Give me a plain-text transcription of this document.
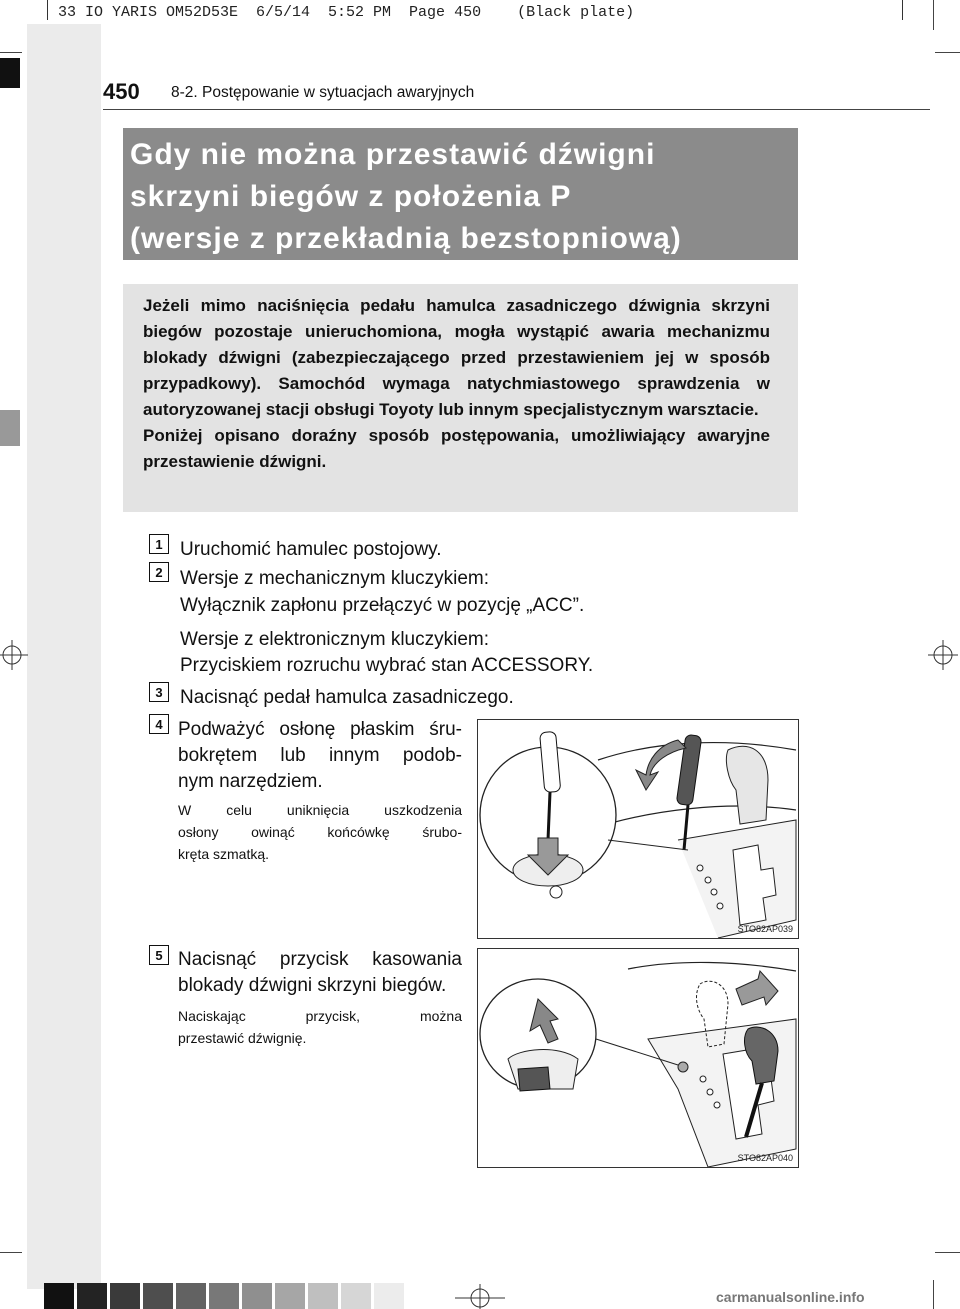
33 IO YARIS OM52D53E  6/5/14  5:52 PM  Page 450    (Black plate)
450 8-2. Postępowanie w sytuacjach awaryjnych
Gdy nie można przestawić dźwigni
skrzyni biegów z położenia P
(wersje z przekładnią bezstopniową)

Jeżeli mimo naciśnięcia pedału hamulca zasadniczego dźwignia skrzyni biegów pozostaje unieruchomiona, mogła wystąpić awaria mechanizmu blokady dźwigni (zabezpieczającego przed przestawieniem jej w sposób przypadkowy). Samochód wymaga natychmiastowego sprawdzenia w autoryzowanej stacji obsługi Toyoty lub innym specjalistycznym warsztacie.

Poniżej opisano doraźny sposób postępowania, umożliwiający awaryjne przestawienie dźwigni.

1 Uruchomić hamulec postojowy.
2 Wersje z mechanicznym kluczykiem:
Wyłącznik zapłonu przełączyć w pozycję „ACC”.
Wersje z elektronicznym kluczykiem:
Przyciskiem rozruchu wybrać stan ACCESSORY.
3 Nacisnąć pedał hamulca zasadniczego.
4 Podważyć osłonę płaskim śru-
bokrętem lub innym podob-
nym narzędziem.
W celu uniknięcia uszkodzenia
osłony owinąć końcówkę śrubo-
kręta szmatką.
STO82AP039
5 Nacisnąć przycisk kasowania
blokady dźwigni skrzyni biegów.
Naciskając przycisk, można
przestawić dźwignię.
STO82AP040
carmanualsonline.info
